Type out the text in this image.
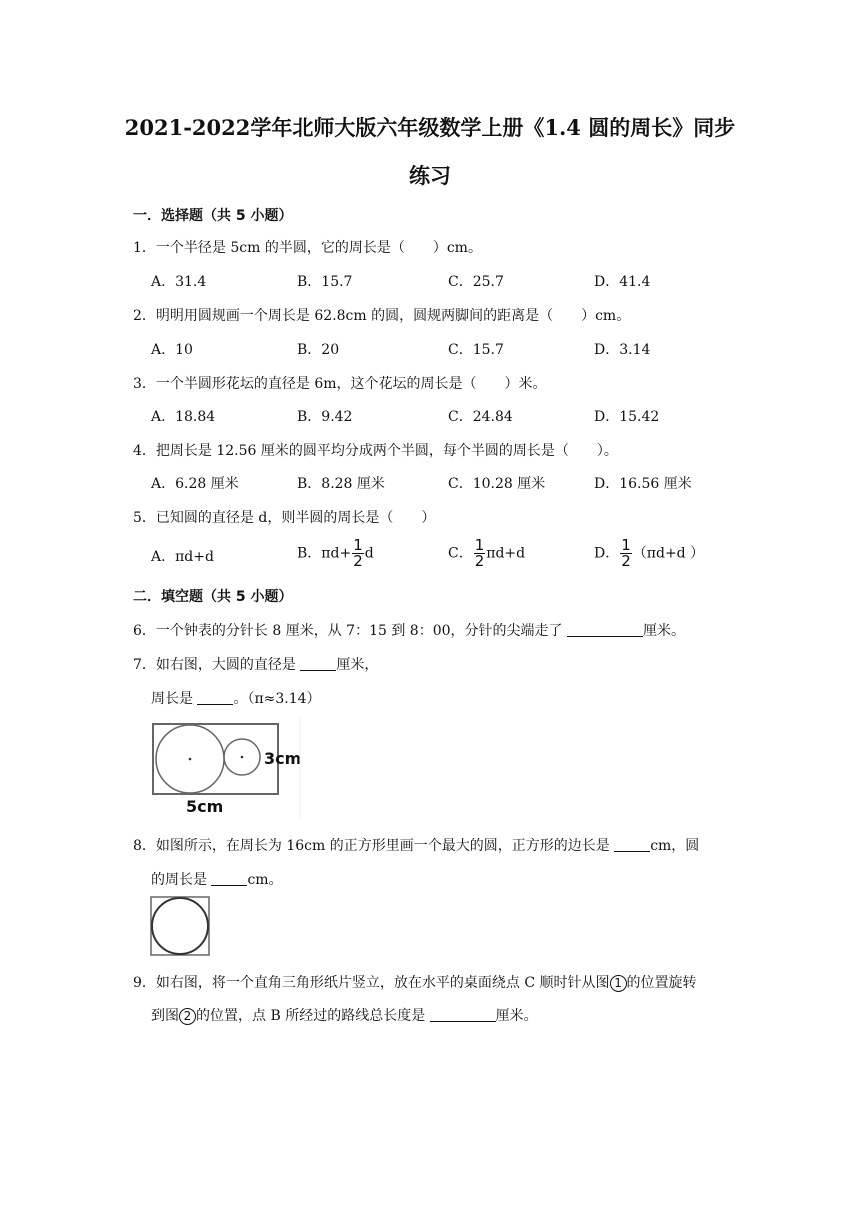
2021-2022学年北师大版六年级数学上册《1.4 圆的周长》同步
练习
一．选择题（共 5 小题）
1．一个半径是 5cm 的半圆，它的周长是（　　）cm。
A．31.4	B．15.7	C．25.7	D．41.4
2．明明用圆规画一个周长是 62.8cm 的圆，圆规两脚间的距离是（　　）cm。
A．10	B．20	C．15.7	D．3.14
3．一个半圆形花坛的直径是 6m，这个花坛的周长是（　　）米。
A．18.84	B．9.42	C．24.84	D．15.42
4．把周长是 12.56 厘米的圆平均分成两个半圆，每个半圆的周长是（　　）。
A．6.28 厘米	B．8.28 厘米	C．10.28 厘米	D．16.56 厘米
5．已知圆的直径是 d，则半圆的周长是（　　）
A．πd+d	B．$\pi d+ \frac{1}{2}$ d	C． $\frac{1}{2} \pi d+d$	D． $\frac{1}{2} (\pi d+d$ ）
二．填空题（共 5 小题）
6．一个钟表的分针长 8 厘米，从 7：15 到 8：00，分针的尖端走了	厘米。
7．如右图，大圆的直径是	厘米，
周长是	。（π≈3.14）
3cm
5cm
8．如图所示，在周长为 16cm 的正方形里画一个最大的圆，正方形的边长是	cm，圆
的周长是	cm。
9．如右图，将一个直角三角形纸片竖立，放在水平的桌面绕点 C 顺时针从图 1 的位置旋转
到图 2 的位置，点 B 所经过的路线总长度是	厘米。
